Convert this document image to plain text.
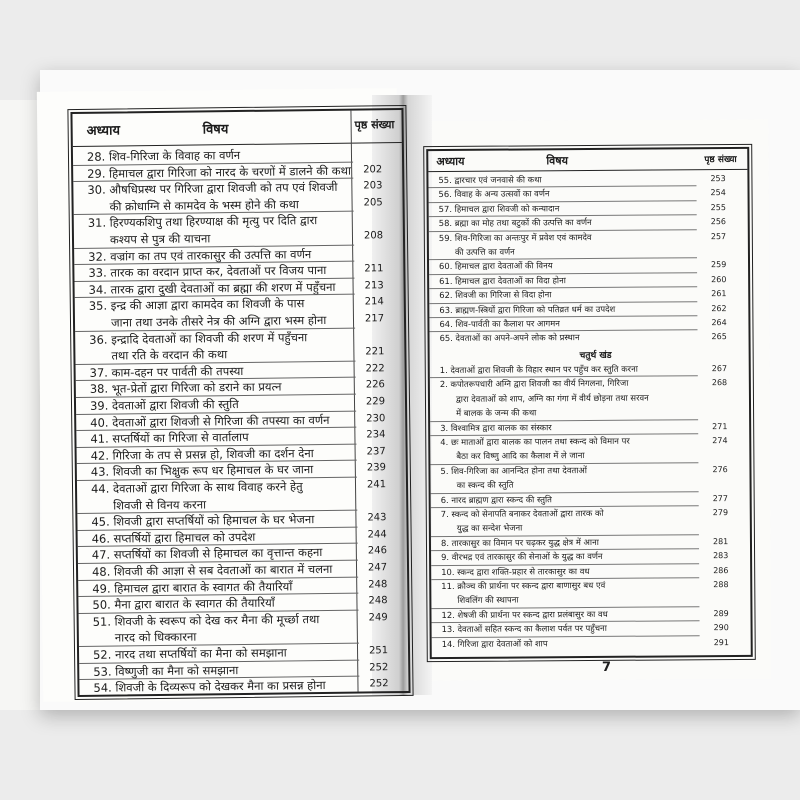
अध्याय	विषय	पृष्ठ संख्या
28. शिव-गिरिजा के विवाह का वर्णन
29. हिमाचल द्वारा गिरिजा को नारद के चरणों में डालने की कथा 202
30. औषधिप्रस्थ पर गिरिजा द्वारा शिवजी को तप एवं शिवजी	203
की क्रोधाग्नि से कामदेव के भस्म होने की कथा	205
31. हिरण्यकशिपु तथा हिरण्याक्ष की मृत्यु पर दिति द्वारा
कश्यप से पुत्र की याचना	208
32. वज्रांग का तप एवं तारकासुर की उत्पत्ति का वर्णन
33. तारक का वरदान प्राप्त कर, देवताओं पर विजय पाना	211
34. तारक द्वारा दुखी देवताओं का ब्रह्मा की शरण में पहुँचना	213
35. इन्द्र की आज्ञा द्वारा कामदेव का शिवजी के पास	214
जाना तथा उनके तीसरे नेत्र की अग्नि द्वारा भस्म होना	217
36. इन्द्रादि देवताओं का शिवजी की शरण में पहुँचना
तथा रति के वरदान की कथा	221
37. काम-दहन पर पार्वती की तपस्या	222
38. भूत-प्रेतों द्वारा गिरिजा को डराने का प्रयत्न	226
39. देवताओं द्वारा शिवजी की स्तुति	229
40. देवताओं द्वारा शिवजी से गिरिजा की तपस्या का वर्णन	230
41. सप्तर्षियों का गिरिजा से वार्तालाप	234
42. गिरिजा के तप से प्रसन्न हो, शिवजी का दर्शन देना	237
43. शिवजी का भिक्षुक रूप धर हिमाचल के घर जाना	239
44. देवताओं द्वारा गिरिजा के साथ विवाह करने हेतु	241
शिवजी से विनय करना
45. शिवजी द्वारा सप्तर्षियों को हिमाचल के घर भेजना	243
46. सप्तर्षियों द्वारा हिमाचल को उपदेश	244
47. सप्तर्षियों का शिवजी से हिमाचल का वृत्तान्त कहना	246
48. शिवजी की आज्ञा से सब देवताओं का बारात में चलना	247
49. हिमाचल द्वारा बारात के स्वागत की तैयारियाँ	248
50. मैना द्वारा बारात के स्वागत की तैयारियाँ	248
51. शिवजी के स्वरूप को देख कर मैना की मूर्च्छा तथा	249
नारद को धिक्कारना
52. नारद तथा सप्तर्षियों का मैना को समझाना	251
53. विष्णुजी का मैना को समझाना	252
54. शिवजी के दिव्यरूप को देखकर मैना का प्रसन्न होना	252
अध्याय	विषय	पृष्ठ संख्या
55. द्वारचार एवं जनवासे की कथा	253
56. विवाह के अन्य उत्सवों का वर्णन	254
57. हिमाचल द्वारा शिवजी को कन्यादान	255
58. ब्रह्मा का मोह तथा बटुकों की उत्पत्ति का वर्णन	256
59. शिव-गिरिजा का अन्तःपुर में प्रवेश एवं कामदेव	257
की उत्पत्ति का वर्णन
60. हिमाचल द्वारा देवताओं की विनय	259
61. हिमाचल द्वारा देवताओं का विदा होना	260
62. शिवजी का गिरिजा से विदा होना	261
63. ब्राह्मण-स्त्रियों द्वारा गिरिजा को पतिव्रत धर्म का उपदेश	262
64. शिव-पार्वती का कैलाश पर आगमन	264
65. देवताओं का अपने-अपने लोक को प्रस्थान	265
1. देवताओं द्वारा शिवजी के विहार स्थान पर पहुँच कर स्तुति करना	267
2. कपोतरूपधारी अग्नि द्वारा शिवजी का वीर्य निगलना, गिरिजा	268
द्वारा देवताओं को शाप, अग्नि का गंगा में वीर्य छोड़ना तथा सरवन
में बालक के जन्म की कथा
3. विश्वामित्र द्वारा बालक का संस्कार	271
4. छः माताओं द्वारा बालक का पालन तथा स्कन्द को विमान पर	274
बैठा कर विष्णु आदि का कैलाश में ले जाना
5. शिव-गिरिजा का आनन्दित होना तथा देवताओं	276
का स्कन्द की स्तुति
6. नारद ब्राह्मण द्वारा स्कन्द की स्तुति	277
7. स्कन्द को सेनापति बनाकर देवताओं द्वारा तारक को	279
युद्ध का सन्देश भेजना
8. तारकासुर का विमान पर चढ़कर युद्ध क्षेत्र में आना	281
9. वीरभद्र एवं तारकासुर की सेनाओं के युद्ध का वर्णन	283
10. स्कन्द द्वारा शक्ति-प्रहार से तारकासुर का वध	286
11. क्रौञ्च की प्रार्थना पर स्कन्द द्वारा बाणासुर बध एवं	288
शिवलिंग की स्थापना
12. शेषजी की प्रार्थना पर स्कन्द द्वारा प्रलंबासुर का वध	289
13. देवताओं सहित स्कन्द का कैलाश पर्वत पर पहुँचना	290
14. गिरिजा द्वारा देवताओं को शाप	291
चतुर्थ खंड
7
